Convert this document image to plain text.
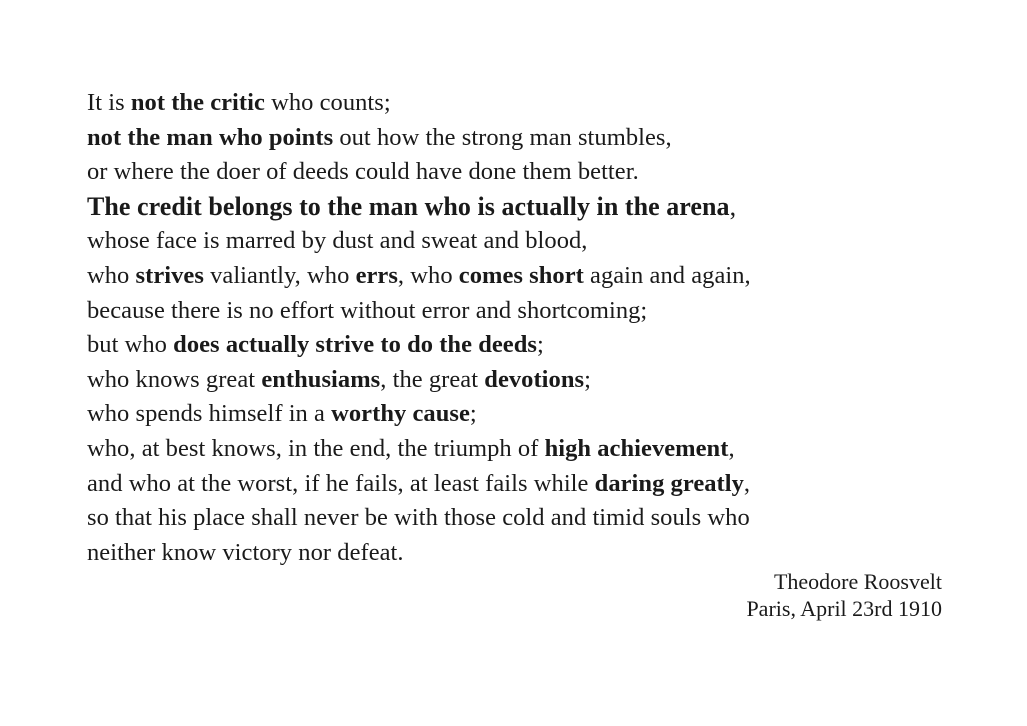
It is not the critic who counts;
not the man who points out how the strong man stumbles,
or where the doer of deeds could have done them better.
The credit belongs to the man who is actually in the arena,
whose face is marred by dust and sweat and blood,
who strives valiantly, who errs, who comes short again and again,
because there is no effort without error and shortcoming;
but who does actually strive to do the deeds;
who knows great enthusiams, the great devotions;
who spends himself in a worthy cause;
who, at best knows, in the end, the triumph of high achievement,
and who at the worst, if he fails, at least fails while daring greatly,
so that his place shall never be with those cold and timid souls who
neither know victory nor defeat.
Theodore Roosvelt
Paris, April 23rd 1910
